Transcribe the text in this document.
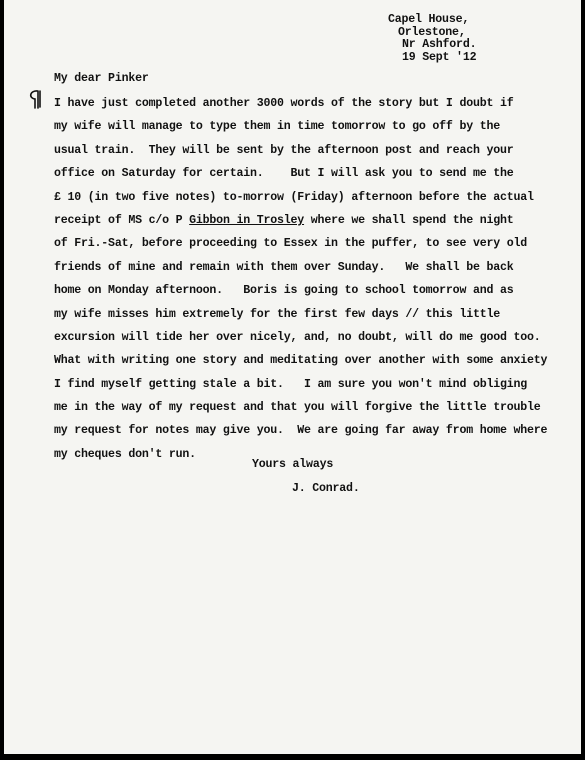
Capel House,
Orlestone,
Nr Ashford.
19 Sept '12
My dear Pinker
I have just completed another 3000 words of the story but I doubt if
my wife will manage to type them in time tomorrow to go off by the
usual train.  They will be sent by the afternoon post and reach your
office on Saturday for certain.    But I will ask you to send me the
£ 10 (in two five notes) to-morrow (Friday) afternoon before the actual
receipt of MS c/o P Gibbon in Trosley where we shall spend the night
of Fri.-Sat, before proceeding to Essex in the puffer, to see very old
friends of mine and remain with them over Sunday.   We shall be back
home on Monday afternoon.   Boris is going to school tomorrow and as
my wife misses him extremely for the first few days // this little
excursion will tide her over nicely, and, no doubt, will do me good too.
What with writing one story and meditating over another with some anxiety
I find myself getting stale a bit.   I am sure you won't mind obliging
me in the way of my request and that you will forgive the little trouble
my request for notes may give you.  We are going far away from home where
my cheques don't run.
Yours always
J. Conrad.
